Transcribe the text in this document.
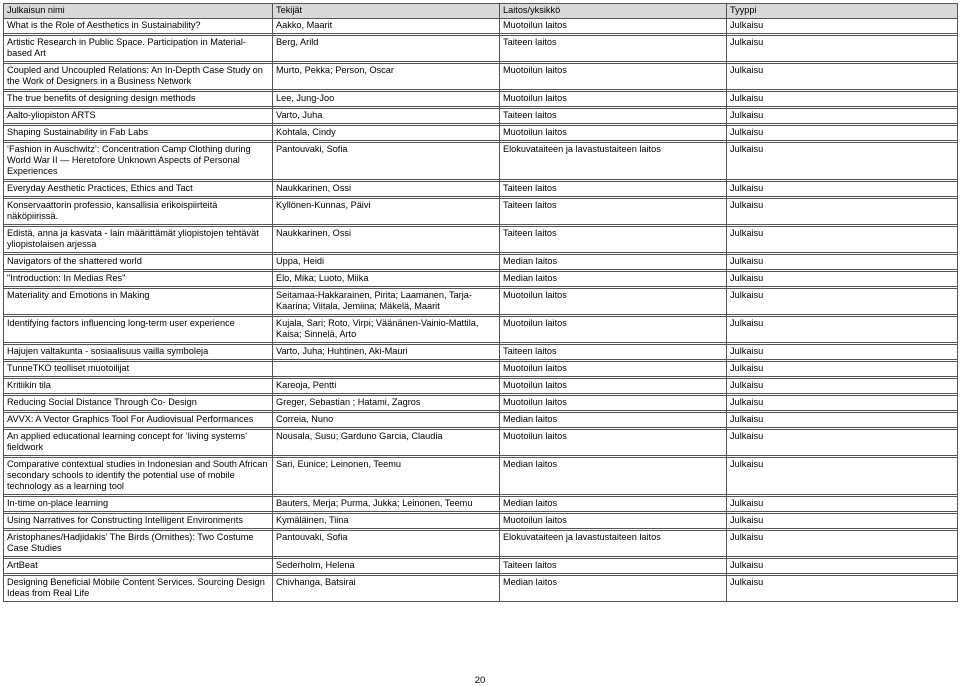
Julkaisun nimi	Tekijät	Laitos/yksikkö	Tyyppi
What is the Role of Aesthetics in Sustainability?	Aakko, Maarit	Muotoilun laitos	Julkaisu

Artistic Research in Public Space. Participation in Material-based Art	Berg, Arild	Taiteen laitos	Julkaisu

Coupled and Uncoupled Relations: An In-Depth Case Study on the Work of Designers in a Business Network	Murto, Pekka; Person, Oscar	Muotoilun laitos	Julkaisu

The true benefits of designing design methods	Lee, Jung-Joo	Muotoilun laitos	Julkaisu

Aalto-yliopiston ARTS	Varto, Juha	Taiteen laitos	Julkaisu

Shaping Sustainability in Fab Labs	Kohtala, Cindy	Muotoilun laitos	Julkaisu

‘Fashion in Auschwitz’: Concentration Camp Clothing during World War II ― Heretofore Unknown Aspects of Personal Experiences	Pantouvaki, Sofia	Elokuvataiteen ja lavastustaiteen laitos	Julkaisu

Everyday Aesthetic Practices, Ethics and Tact	Naukkarinen, Ossi	Taiteen laitos	Julkaisu

Konservaattorin professio, kansallisia erikoispiirteitä näköpiirissä.	Kyllönen-Kunnas, Päivi	Taiteen laitos	Julkaisu

Edistä, anna ja kasvata - lain määrittämät yliopistojen tehtävät yliopistolaisen arjessa	Naukkarinen, Ossi	Taiteen laitos	Julkaisu

Navigators of the shattered world	Uppa, Heidi	Median laitos	Julkaisu

"Introduction: In Medias Res"	Elo, Mika; Luoto, Miika	Median laitos	Julkaisu

Materiality and Emotions in Making	Seitamaa-Hakkarainen, Pirita; Laamanen, Tarja-Kaarina; Viitala, Jemiina; Mäkelä, Maarit	Muotoilun laitos	Julkaisu

Identifying factors influencing long-term user experience	Kujala, Sari; Roto, Virpi; Väänänen-Vainio-Mattila, Kaisa; Sinnelä, Arto	Muotoilun laitos	Julkaisu

Hajujen valtakunta - sosiaalisuus vailla symboleja	Varto, Juha; Huhtinen, Aki-Mauri	Taiteen laitos	Julkaisu

TunneTKO teolliset muotoilijat		Muotoilun laitos	Julkaisu

Kritiikin tila	Kareoja, Pentti	Muotoilun laitos	Julkaisu

Reducing Social Distance Through Co- Design	Greger, Sebastian ; Hatami, Zagros	Muotoilun laitos	Julkaisu

AVVX: A Vector Graphics Tool For Audiovisual Performances	Correia, Nuno	Median laitos	Julkaisu

An applied educational learning concept for ‘living systems’ fieldwork	Nousala, Susu; Garduno Garcia, Claudia	Muotoilun laitos	Julkaisu

Comparative contextual studies in Indonesian and South African secondary schools to identify the potential use of mobile technology as a learning tool	Sari, Eunice; Leinonen, Teemu	Median laitos	Julkaisu

In-time on-place learning	Bauters, Merja; Purma, Jukka; Leinonen, Teemu	Median laitos	Julkaisu

Using Narratives for Constructing Intelligent Environments	Kymäläinen, Tiina	Muotoilun laitos	Julkaisu

Aristophanes/Hadjidakis’ The Birds (Ornithes): Two Costume Case Studies	Pantouvaki, Sofia	Elokuvataiteen ja lavastustaiteen laitos	Julkaisu

ArtBeat	Sederholm, Helena	Taiteen laitos	Julkaisu

Designing Beneficial Mobile Content Services. Sourcing Design Ideas from Real Life	Chivhanga, Batsirai	Median laitos	Julkaisu
20
